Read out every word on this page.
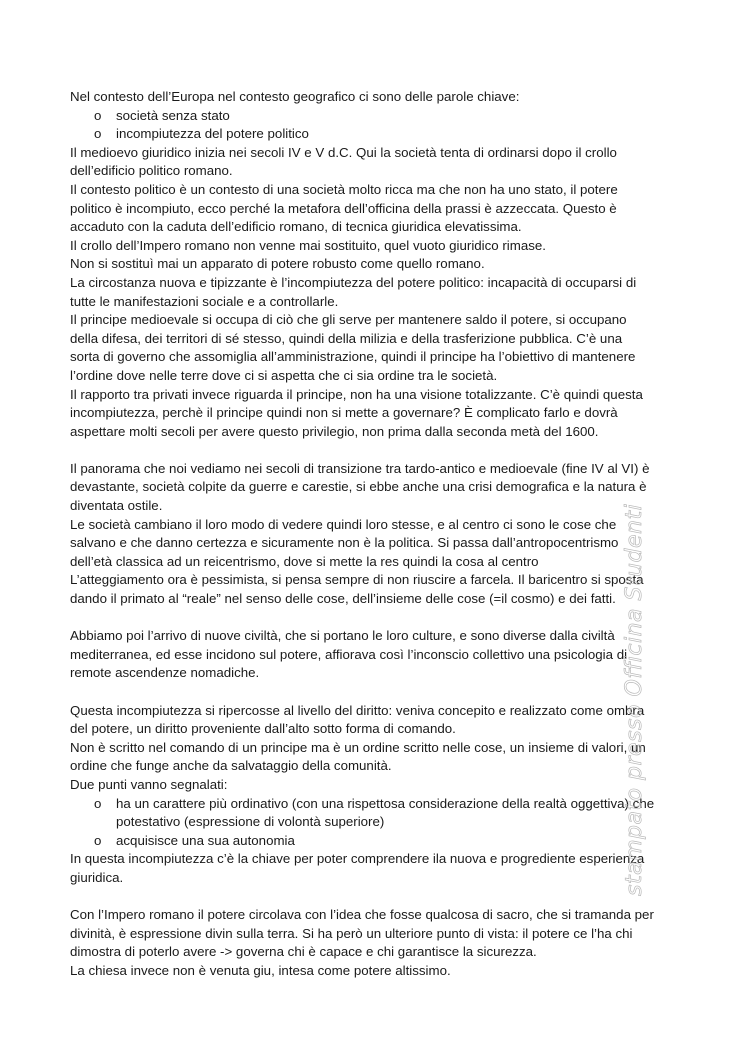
Nel contesto dell’Europa nel contesto geografico ci sono delle parole chiave:
o società senza stato
o incompiutezza del potere politico
Il medioevo giuridico inizia nei secoli IV e V d.C. Qui la società tenta di ordinarsi dopo il crollo
dell’edificio politico romano.
Il contesto politico è un contesto di una società molto ricca ma che non ha uno stato, il potere
politico è incompiuto, ecco perché la metafora dell’officina della prassi è azzeccata. Questo è
accaduto con la caduta dell’edificio romano, di tecnica giuridica elevatissima.
Il crollo dell’Impero romano non venne mai sostituito, quel vuoto giuridico rimase.
Non si sostituì mai un apparato di potere robusto come quello romano.
La circostanza nuova e tipizzante è l’incompiutezza del potere politico: incapacità di occuparsi di
tutte le manifestazioni sociale e a controllarle.
Il principe medioevale si occupa di ciò che gli serve per mantenere saldo il potere, si occupano
della difesa, dei territori di sé stesso, quindi della milizia e della trasferizione pubblica. C’è una
sorta di governo che assomiglia all’amministrazione, quindi il principe ha l’obiettivo di mantenere
l’ordine dove nelle terre dove ci si aspetta che ci sia ordine tra le società.
Il rapporto tra privati invece riguarda il principe, non ha una visione totalizzante. C’è quindi questa
incompiutezza, perchè il principe quindi non si mette a governare? È complicato farlo e dovrà
aspettare molti secoli per avere questo privilegio, non prima dalla seconda metà del 1600.
Il panorama che noi vediamo nei secoli di transizione tra tardo-antico e medioevale (fine IV al VI) è
devastante, società colpite da guerre e carestie, si ebbe anche una crisi demografica e la natura è
diventata ostile.
Le società cambiano il loro modo di vedere quindi loro stesse, e al centro ci sono le cose che
salvano e che danno certezza e sicuramente non è la politica. Si passa dall’antropocentrismo
dell’età classica ad un reicentrismo, dove si mette la res quindi la cosa al centro
L’atteggiamento ora è pessimista, si pensa sempre di non riuscire a farcela. Il baricentro si sposta
dando il primato al “reale” nel senso delle cose, dell’insieme delle cose (=il cosmo) e dei fatti.
Abbiamo poi l’arrivo di nuove civiltà, che si portano le loro culture, e sono diverse dalla civiltà
mediterranea, ed esse incidono sul potere, affiorava così l’inconscio collettivo una psicologia di
remote ascendenze nomadiche.
Questa incompiutezza si ripercosse al livello del diritto: veniva concepito e realizzato come ombra
del potere, un diritto proveniente dall’alto sotto forma di comando.
Non è scritto nel comando di un principe ma è un ordine scritto nelle cose, un insieme di valori, un
ordine che funge anche da salvataggio della comunità.
Due punti vanno segnalati:
o ha un carattere più ordinativo (con una rispettosa considerazione della realtà oggettiva) che
potestativo (espressione di volontà superiore)
o acquisisce una sua autonomia
In questa incompiutezza c’è la chiave per poter comprendere ila nuova e progrediente esperienza
giuridica.
Con l’Impero romano il potere circolava con l’idea che fosse qualcosa di sacro, che si tramanda per
divinità, è espressione divin sulla terra. Si ha però un ulteriore punto di vista: il potere ce l’ha chi
dimostra di poterlo avere -> governa chi è capace e chi garantisce la sicurezza.
La chiesa invece non è venuta giu, intesa come potere altissimo.
stampato presso Officina Studenti
